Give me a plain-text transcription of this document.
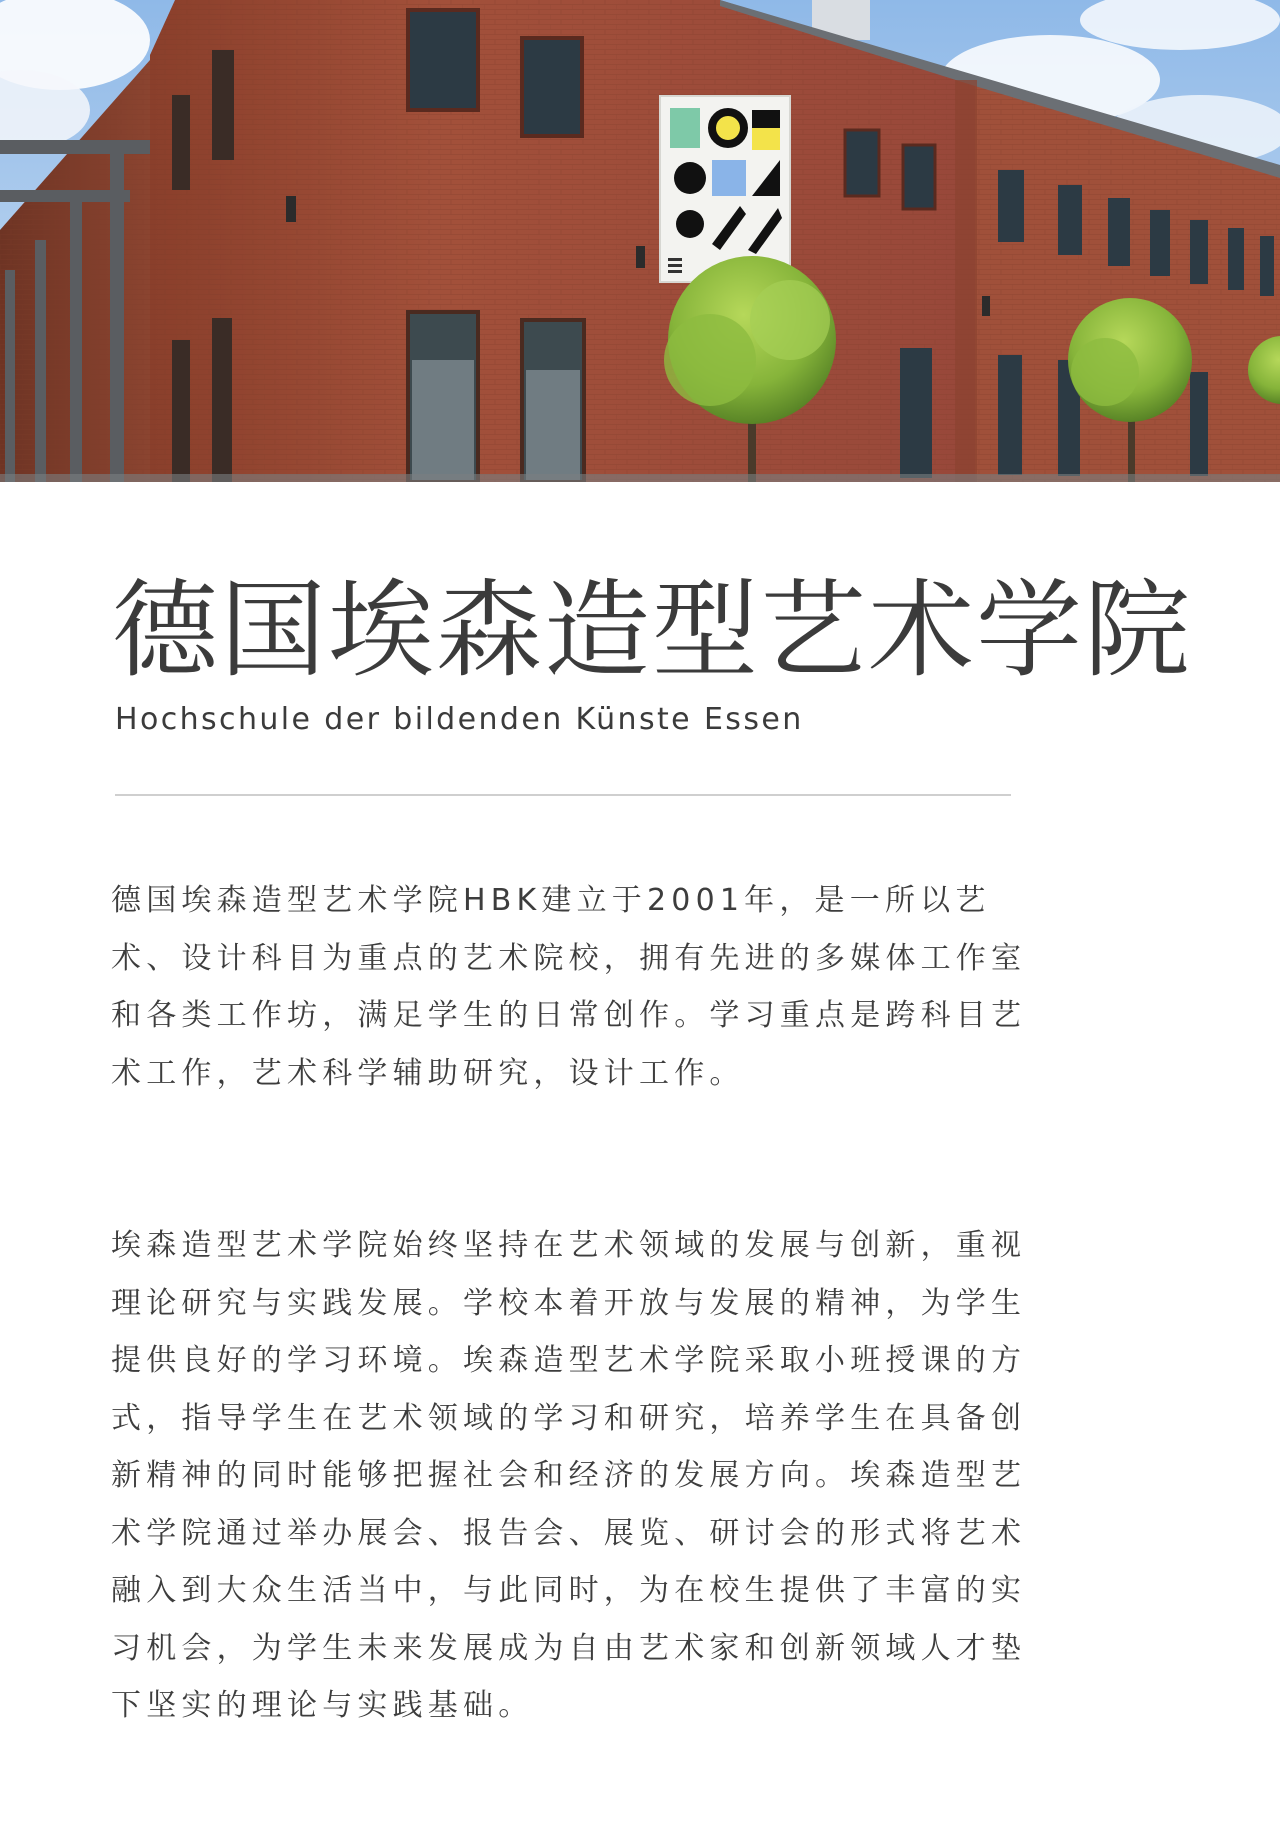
德国埃森造型艺术学院

Hochschule der bildenden Künste Essen

德国埃森造型艺术学院HBK建立于2001年，是一所以艺术、设计科目为重点的艺术院校，拥有先进的多媒体工作室和各类工作坊，满足学生的日常创作。学习重点是跨科目艺术工作，艺术科学辅助研究，设计工作。

埃森造型艺术学院始终坚持在艺术领域的发展与创新，重视理论研究与实践发展。学校本着开放与发展的精神，为学生提供良好的学习环境。埃森造型艺术学院采取小班授课的方式，指导学生在艺术领域的学习和研究，培养学生在具备创新精神的同时能够把握社会和经济的发展方向。埃森造型艺术学院通过举办展会、报告会、展览、研讨会的形式将艺术融入到大众生活当中，与此同时，为在校生提供了丰富的实习机会，为学生未来发展成为自由艺术家和创新领域人才垫下坚实的理论与实践基础。
